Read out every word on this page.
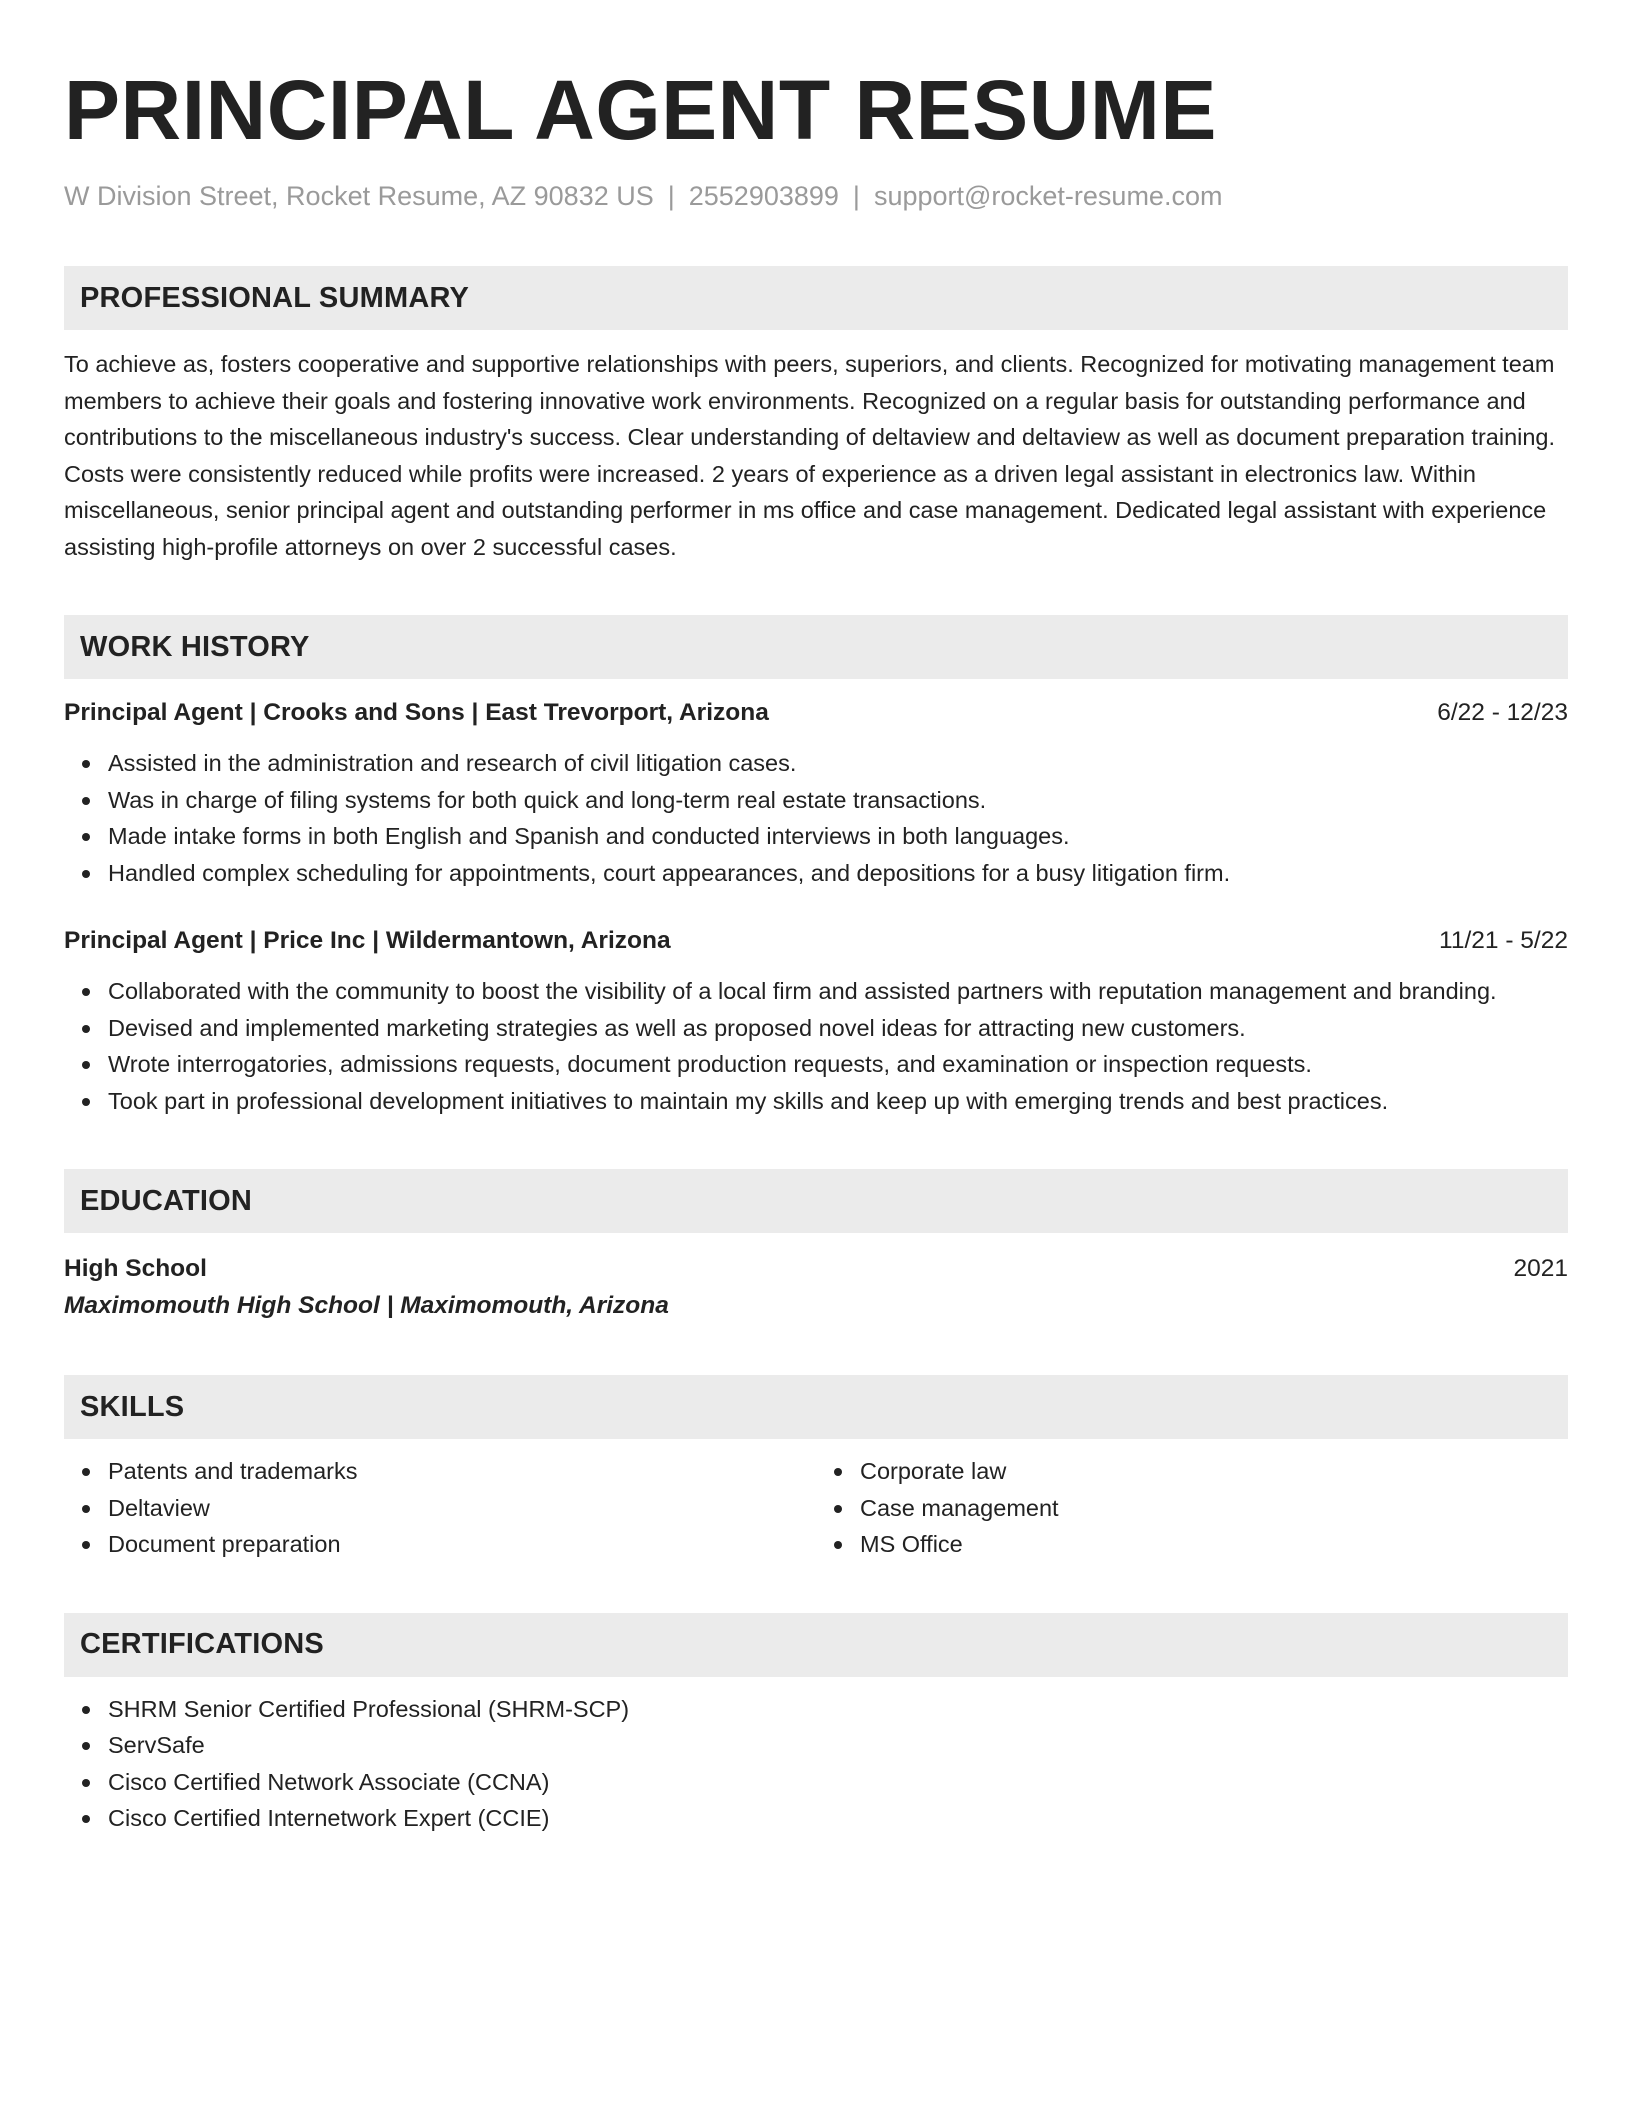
PRINCIPAL AGENT RESUME
W Division Street, Rocket Resume, AZ 90832 US | 2552903899 | support@rocket-resume.com
PROFESSIONAL SUMMARY
To achieve as, fosters cooperative and supportive relationships with peers, superiors, and clients. Recognized for motivating management team members to achieve their goals and fostering innovative work environments. Recognized on a regular basis for outstanding performance and contributions to the miscellaneous industry's success. Clear understanding of deltaview and deltaview as well as document preparation training. Costs were consistently reduced while profits were increased. 2 years of experience as a driven legal assistant in electronics law. Within miscellaneous, senior principal agent and outstanding performer in ms office and case management. Dedicated legal assistant with experience assisting high-profile attorneys on over 2 successful cases.
WORK HISTORY
Principal Agent | Crooks and Sons | East Trevorport, Arizona	6/22 - 12/23
Assisted in the administration and research of civil litigation cases.
Was in charge of filing systems for both quick and long-term real estate transactions.
Made intake forms in both English and Spanish and conducted interviews in both languages.
Handled complex scheduling for appointments, court appearances, and depositions for a busy litigation firm.
Principal Agent | Price Inc | Wildermantown, Arizona	11/21 - 5/22
Collaborated with the community to boost the visibility of a local firm and assisted partners with reputation management and branding.
Devised and implemented marketing strategies as well as proposed novel ideas for attracting new customers.
Wrote interrogatories, admissions requests, document production requests, and examination or inspection requests.
Took part in professional development initiatives to maintain my skills and keep up with emerging trends and best practices.
EDUCATION
High School	2021
Maximomouth High School | Maximomouth, Arizona
SKILLS
Patents and trademarks
Deltaview
Document preparation
Corporate law
Case management
MS Office
CERTIFICATIONS
SHRM Senior Certified Professional (SHRM-SCP)
ServSafe
Cisco Certified Network Associate (CCNA)
Cisco Certified Internetwork Expert (CCIE)
